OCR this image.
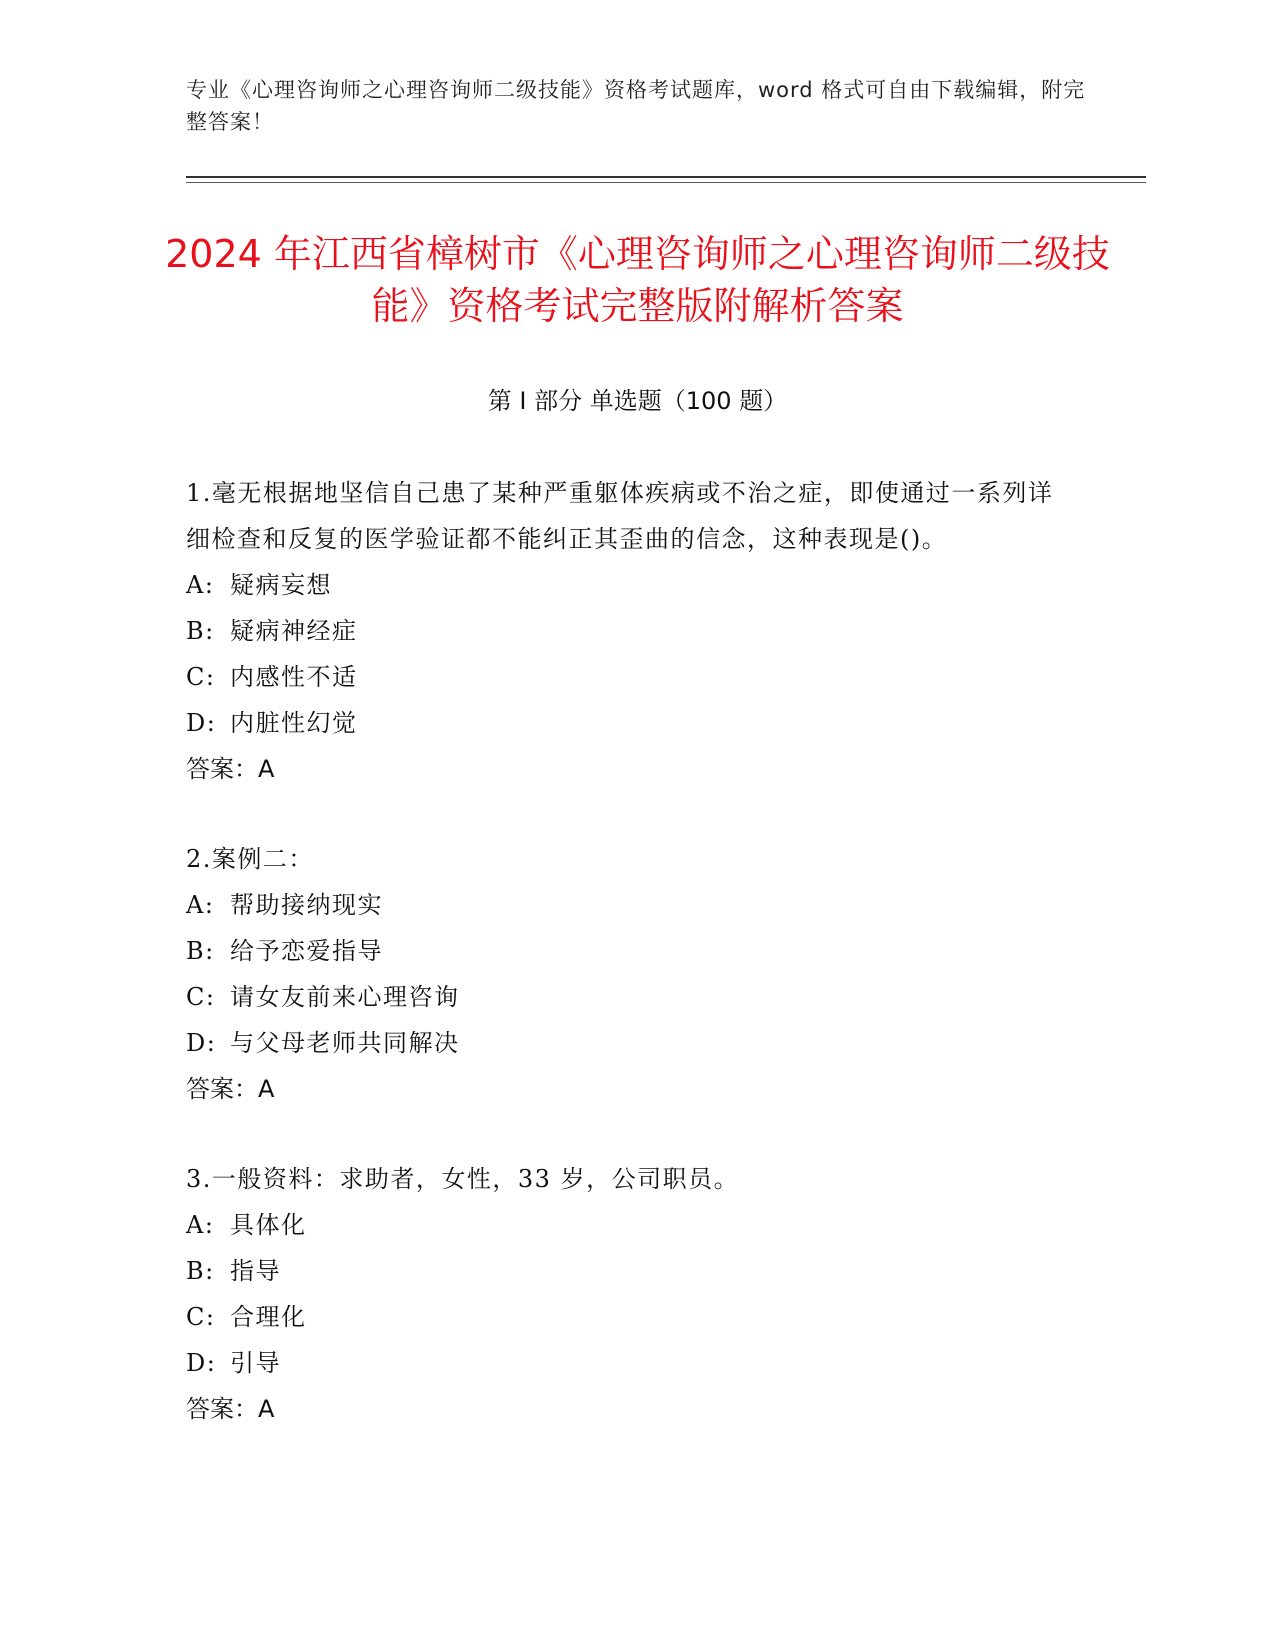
专业《心理咨询师之心理咨询师二级技能》资格考试题库，word 格式可自由下载编辑，附完整答案！
2024 年江西省樟树市《心理咨询师之心理咨询师二级技能》资格考试完整版附解析答案
第 I 部分 单选题（100 题）
1.毫无根据地坚信自己患了某种严重躯体疾病或不治之症，即使通过一系列详细检查和反复的医学验证都不能纠正其歪曲的信念，这种表现是()。
A: 疑病妄想
B: 疑病神经症
C: 内感性不适
D: 内脏性幻觉
答案：A
2.案例二：
A: 帮助接纳现实
B: 给予恋爱指导
C: 请女友前来心理咨询
D: 与父母老师共同解决
答案：A
3.一般资料：求助者，女性，33 岁，公司职员。
A: 具体化
B: 指导
C: 合理化
D: 引导
答案：A
